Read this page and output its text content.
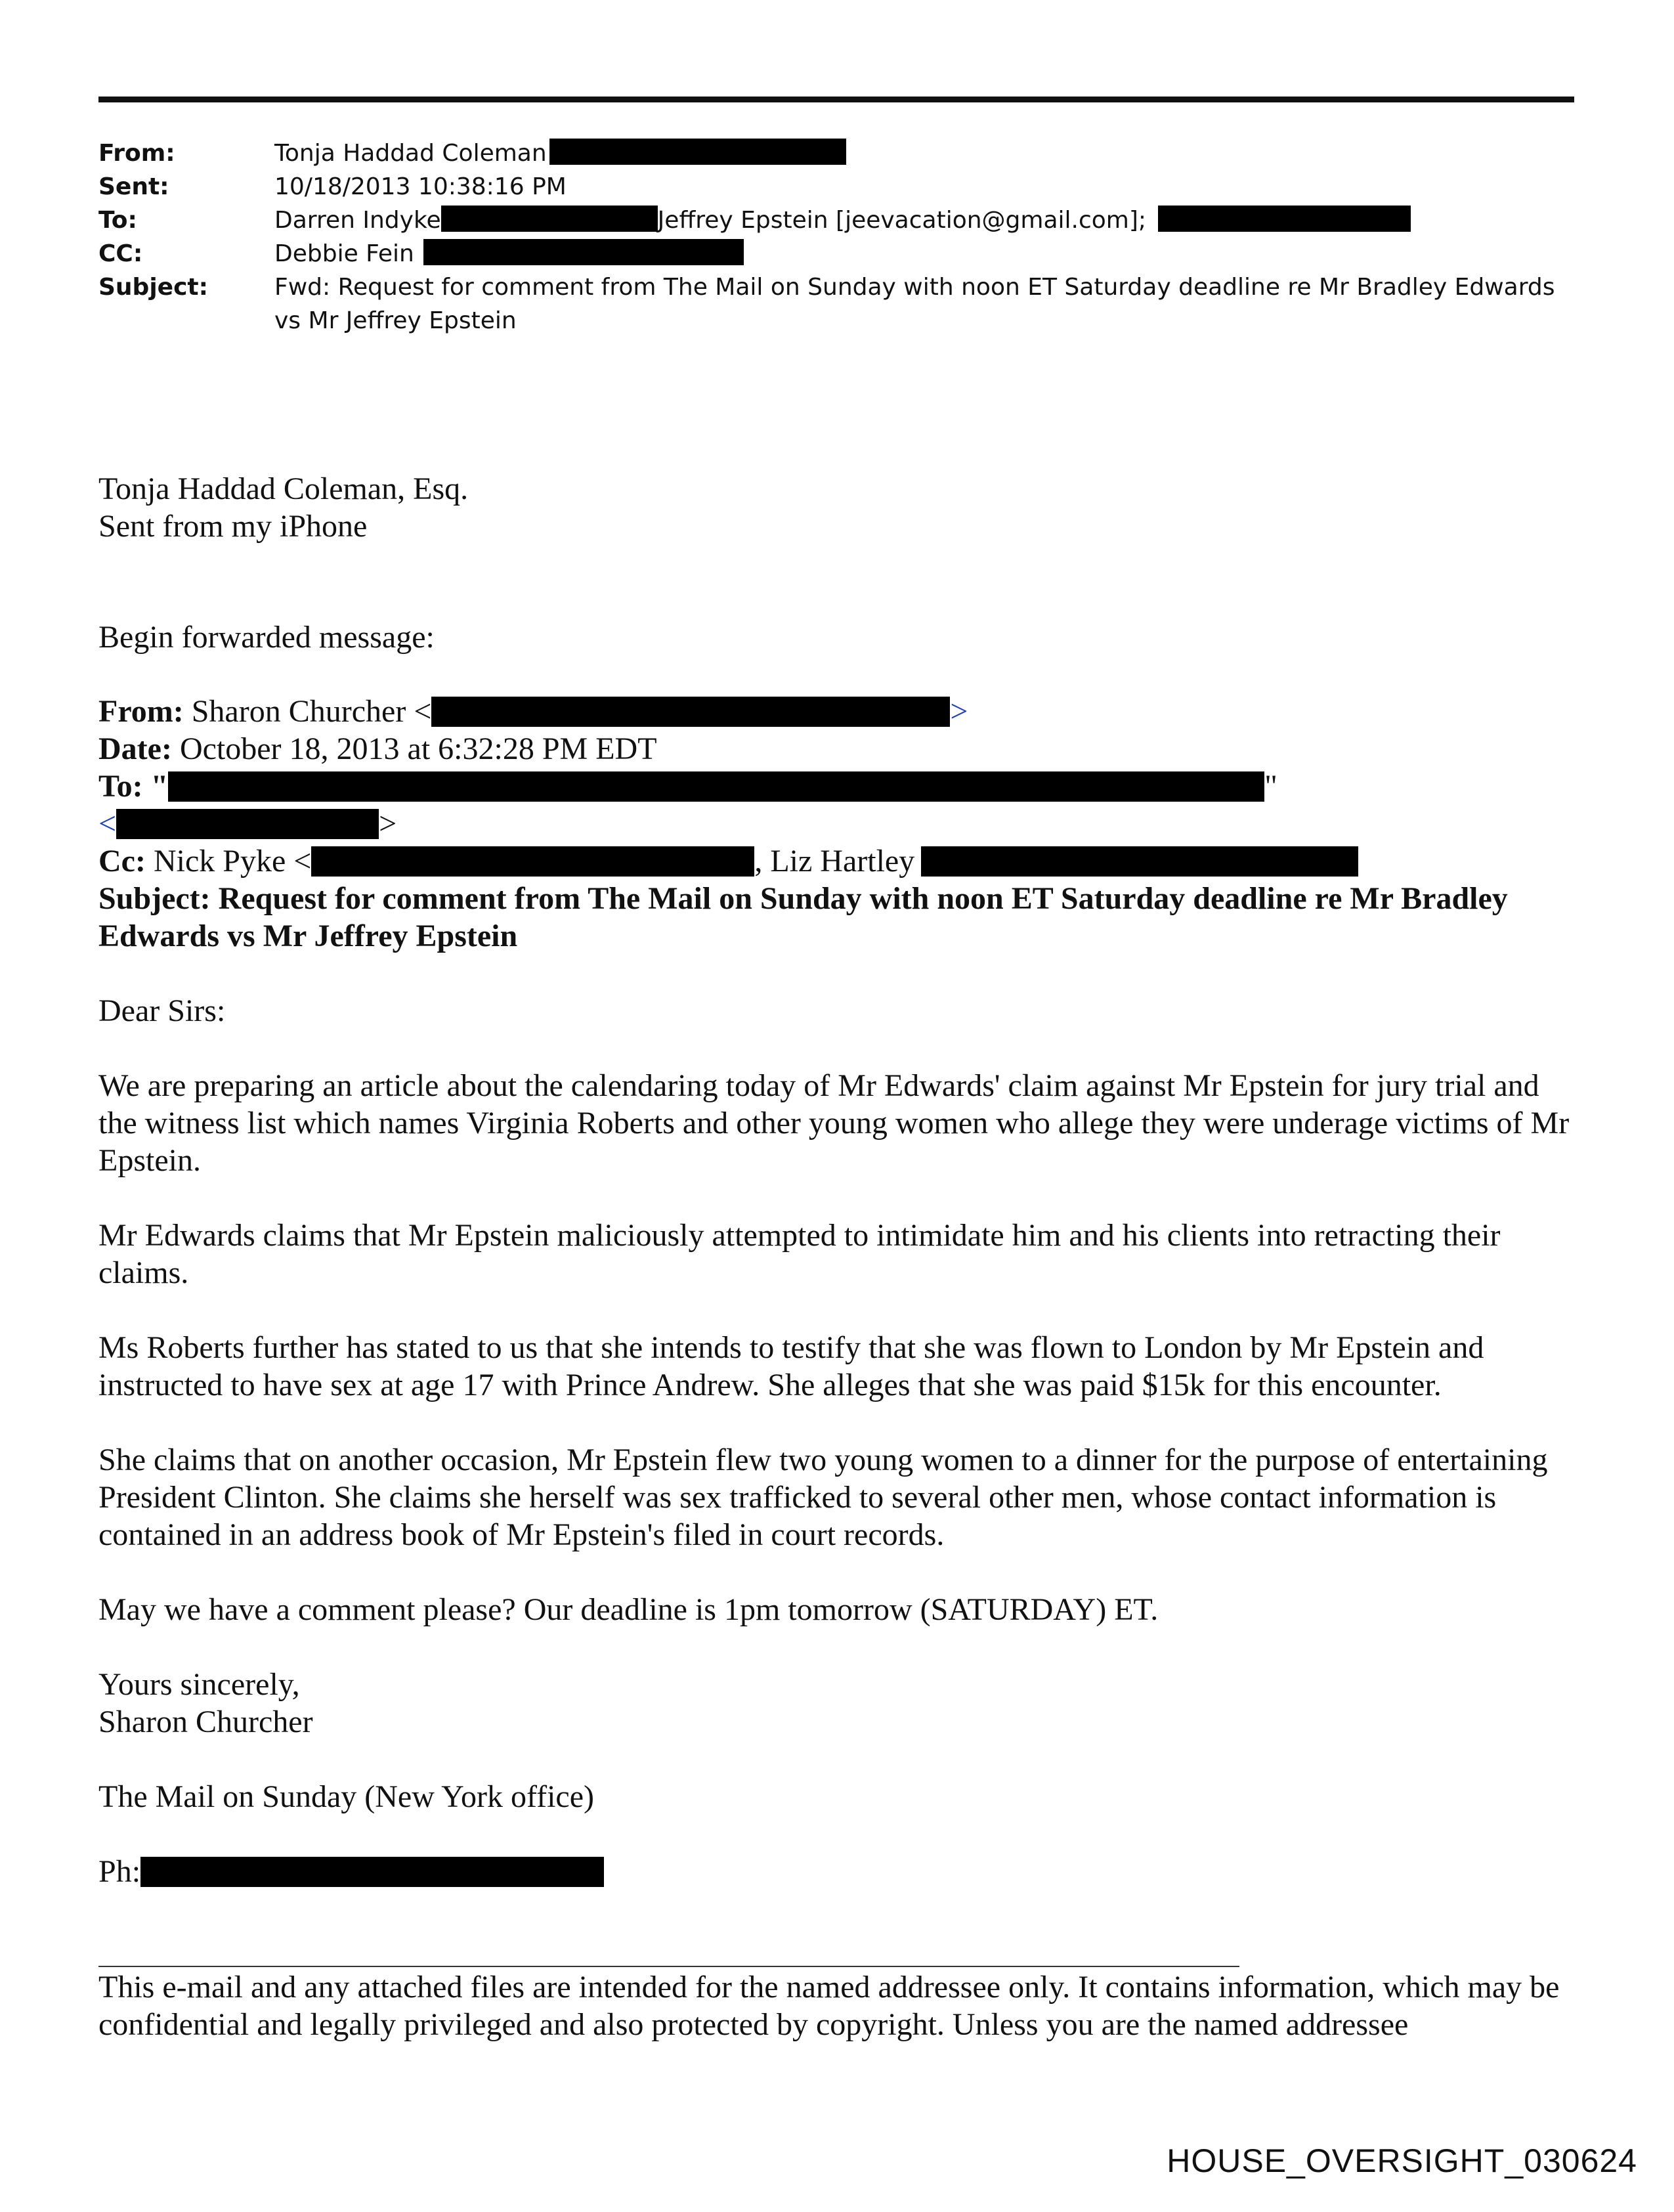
From:	Tonja Haddad Coleman
Sent:	10/18/2013 10:38:16 PM
To:	Darren Indyke	Jeffrey Epstein [jeevacation@gmail.com];
CC:	Debbie Fein
Subject:	Fwd: Request for comment from The Mail on Sunday with noon ET Saturday deadline re Mr Bradley Edwards vs Mr Jeffrey Epstein

Tonja Haddad Coleman, Esq.

Sent from my iPhone

Begin forwarded message:

From: Sharon Churcher <	>

Date: October 18, 2013 at 6:32:28 PM EDT

To: "	"

<	>

Cc: Nick Pyke <	, Liz Hartley

Subject: Request for comment from The Mail on Sunday with noon ET Saturday deadline re Mr Bradley Edwards vs Mr Jeffrey Epstein

Dear Sirs:

We are preparing an article about the calendaring today of Mr Edwards' claim against Mr Epstein for jury trial and the witness list which names Virginia Roberts and other young women who allege they were underage victims of Mr Epstein.

Mr Edwards claims that Mr Epstein maliciously attempted to intimidate him and his clients into retracting their claims.

Ms Roberts further has stated to us that she intends to testify that she was flown to London by Mr Epstein and instructed to have sex at age 17 with Prince Andrew. She alleges that she was paid $15k for this encounter.

She claims that on another occasion, Mr Epstein flew two young women to a dinner for the purpose of entertaining President Clinton. She claims she herself was sex trafficked to several other men, whose contact information is contained in an address book of Mr Epstein's filed in court records.

May we have a comment please? Our deadline is 1pm tomorrow (SATURDAY) ET.

Yours sincerely,

Sharon Churcher

The Mail on Sunday (New York office)

Ph:

This e-mail and any attached files are intended for the named addressee only. It contains information, which may be confidential and legally privileged and also protected by copyright. Unless you are the named addressee
HOUSE_OVERSIGHT_030624
